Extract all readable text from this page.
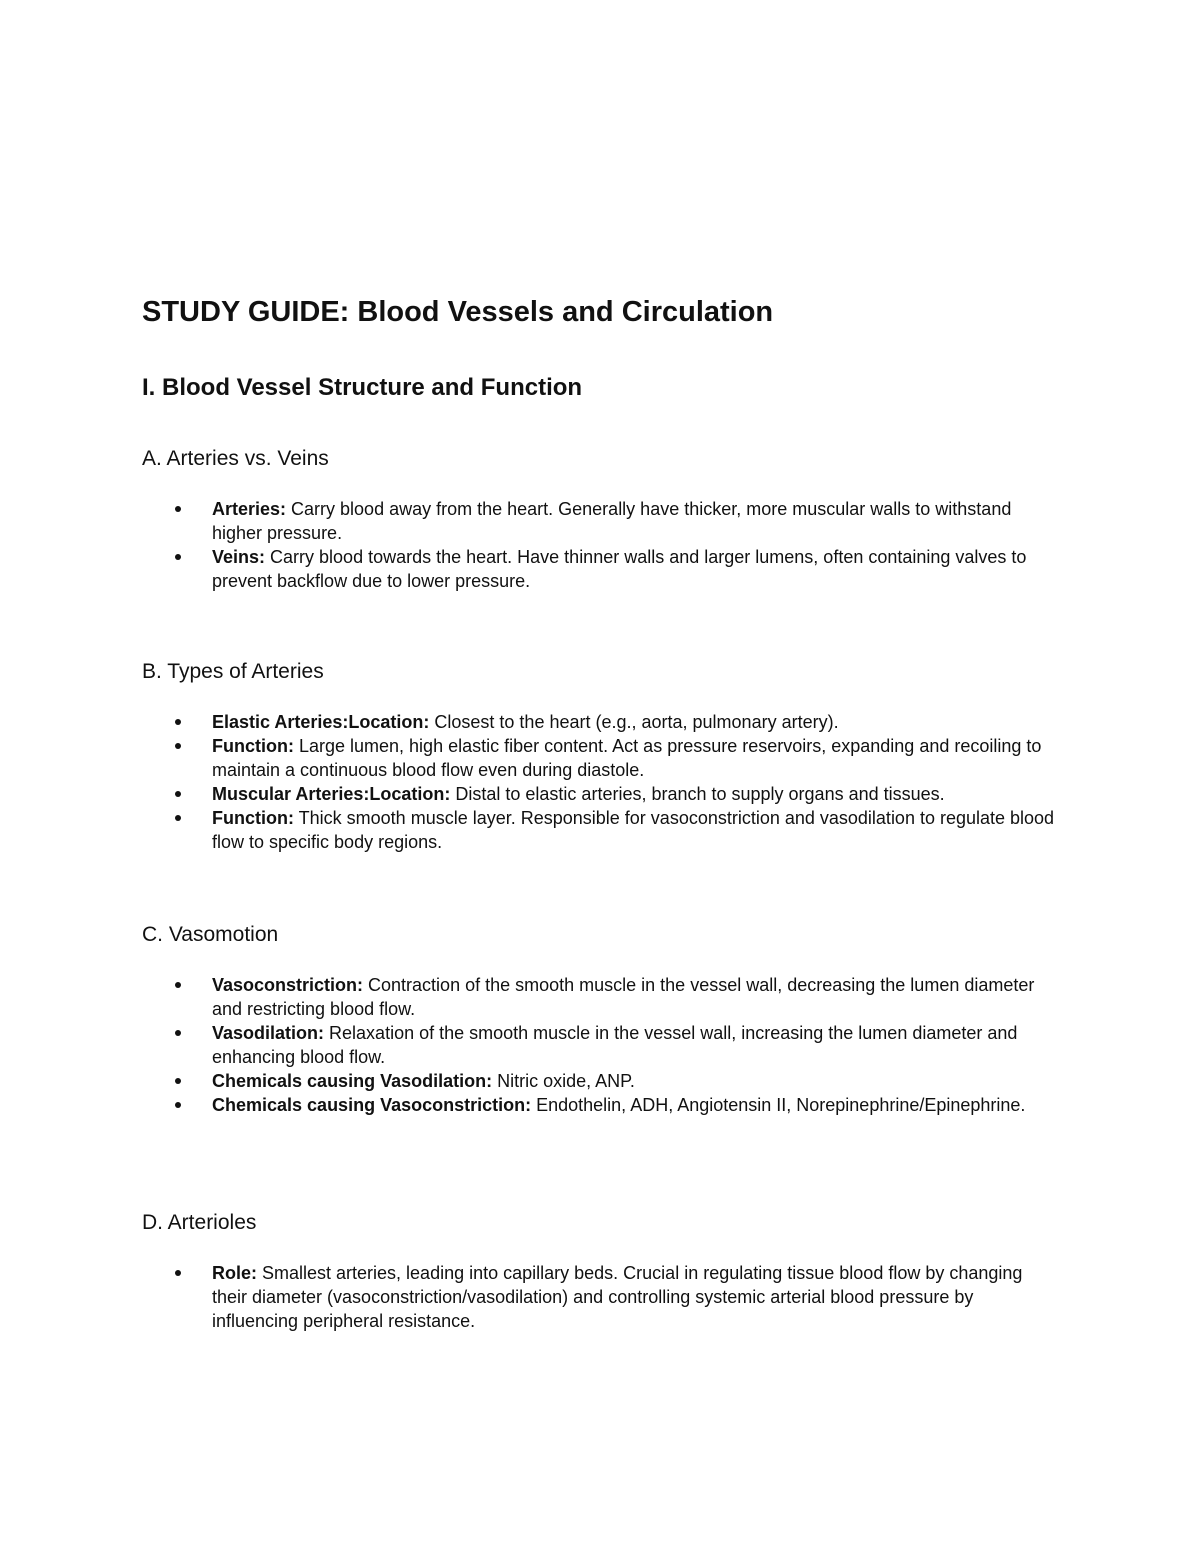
STUDY GUIDE: Blood Vessels and Circulation
I. Blood Vessel Structure and Function
A. Arteries vs. Veins
Arteries: Carry blood away from the heart. Generally have thicker, more muscular walls to withstand higher pressure.
Veins: Carry blood towards the heart. Have thinner walls and larger lumens, often containing valves to prevent backflow due to lower pressure.
B. Types of Arteries
Elastic Arteries:Location: Closest to the heart (e.g., aorta, pulmonary artery).
Function: Large lumen, high elastic fiber content. Act as pressure reservoirs, expanding and recoiling to maintain a continuous blood flow even during diastole.
Muscular Arteries:Location: Distal to elastic arteries, branch to supply organs and tissues.
Function: Thick smooth muscle layer. Responsible for vasoconstriction and vasodilation to regulate blood flow to specific body regions.
C. Vasomotion
Vasoconstriction: Contraction of the smooth muscle in the vessel wall, decreasing the lumen diameter and restricting blood flow.
Vasodilation: Relaxation of the smooth muscle in the vessel wall, increasing the lumen diameter and enhancing blood flow.
Chemicals causing Vasodilation: Nitric oxide, ANP.
Chemicals causing Vasoconstriction: Endothelin, ADH, Angiotensin II, Norepinephrine/Epinephrine.
D. Arterioles
Role: Smallest arteries, leading into capillary beds. Crucial in regulating tissue blood flow by changing their diameter (vasoconstriction/vasodilation) and controlling systemic arterial blood pressure by influencing peripheral resistance.
